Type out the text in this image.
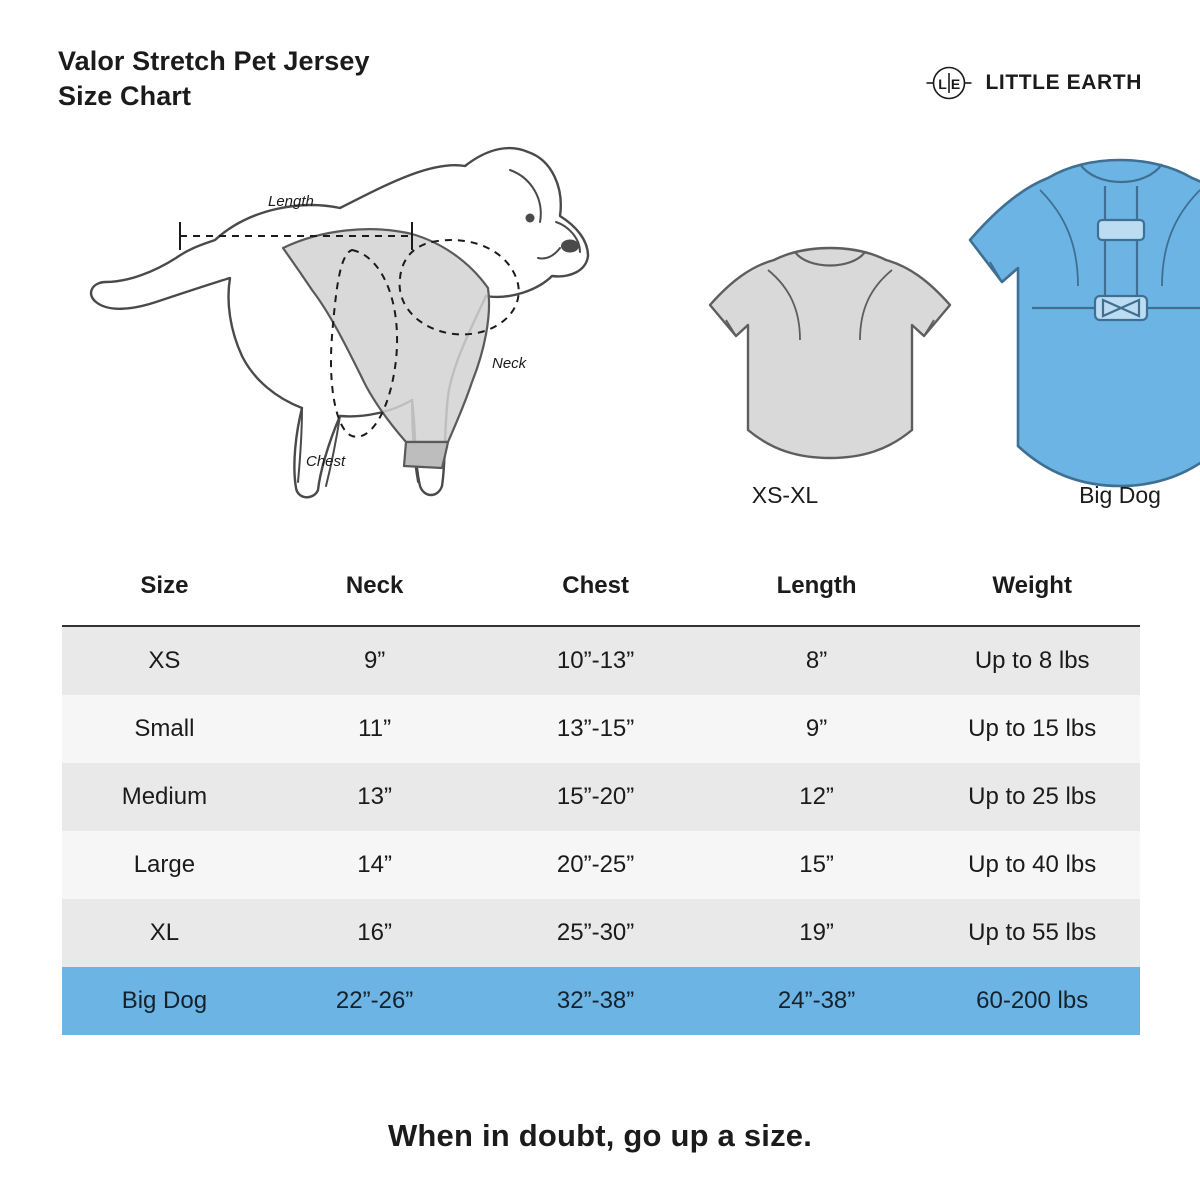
Valor Stretch Pet Jersey
Size Chart	L E LITTLE EARTH
Length
Neck
Chest
XS-XL	Big Dog
Size	Neck	Chest	Length	Weight
XS	9”	10”-13”	8”	Up to 8 lbs
Small	11”	13”-15”	9”	Up to 15 lbs
Medium	13”	15”-20”	12”	Up to 25 lbs
Large	14”	20”-25”	15”	Up to 40 lbs
XL	16”	25”-30”	19”	Up to 55 lbs
Big Dog	22”-26”	32”-38”	24”-38”	60-200 lbs
When in doubt, go up a size.
